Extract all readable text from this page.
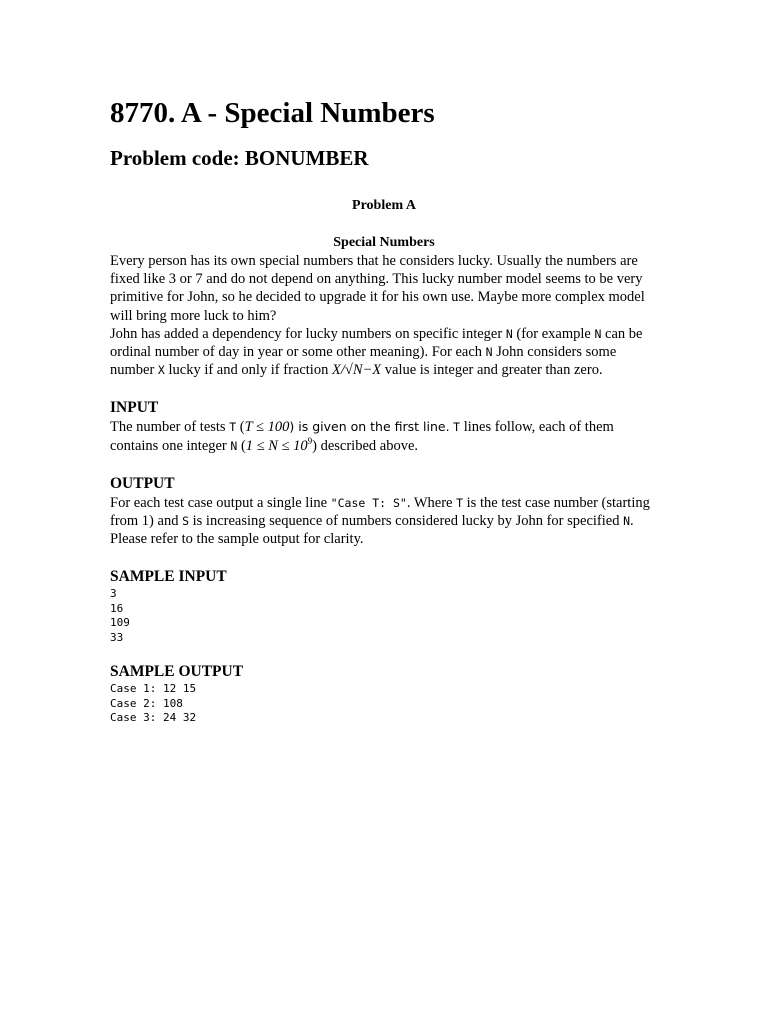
8770. A - Special Numbers
Problem code: BONUMBER

Problem A

Special Numbers

Every person has its own special numbers that he considers lucky. Usually the numbers are fixed like 3 or 7 and do not depend on anything. This lucky number model seems to be very primitive for John, so he decided to upgrade it for his own use. Maybe more complex model will bring more luck to him?

John has added a dependency for lucky numbers on specific integer N (for example N can be ordinal number of day in year or some other meaning). For each N John considers some number X lucky if and only if fraction X/√N−X value is integer and greater than zero.

INPUT

The number of tests T (T ≤ 100) is given on the first line. T lines follow, each of them contains one integer N $(1 \le N \le 10^9)$ described above.

OUTPUT

For each test case output a single line "Case T: S". Where T is the test case number (starting from 1) and S is increasing sequence of numbers considered lucky by John for specified N. Please refer to the sample output for clarity.

SAMPLE INPUT
3
16
109
33
SAMPLE OUTPUT
Case 1: 12 15
Case 2: 108
Case 3: 24 32
